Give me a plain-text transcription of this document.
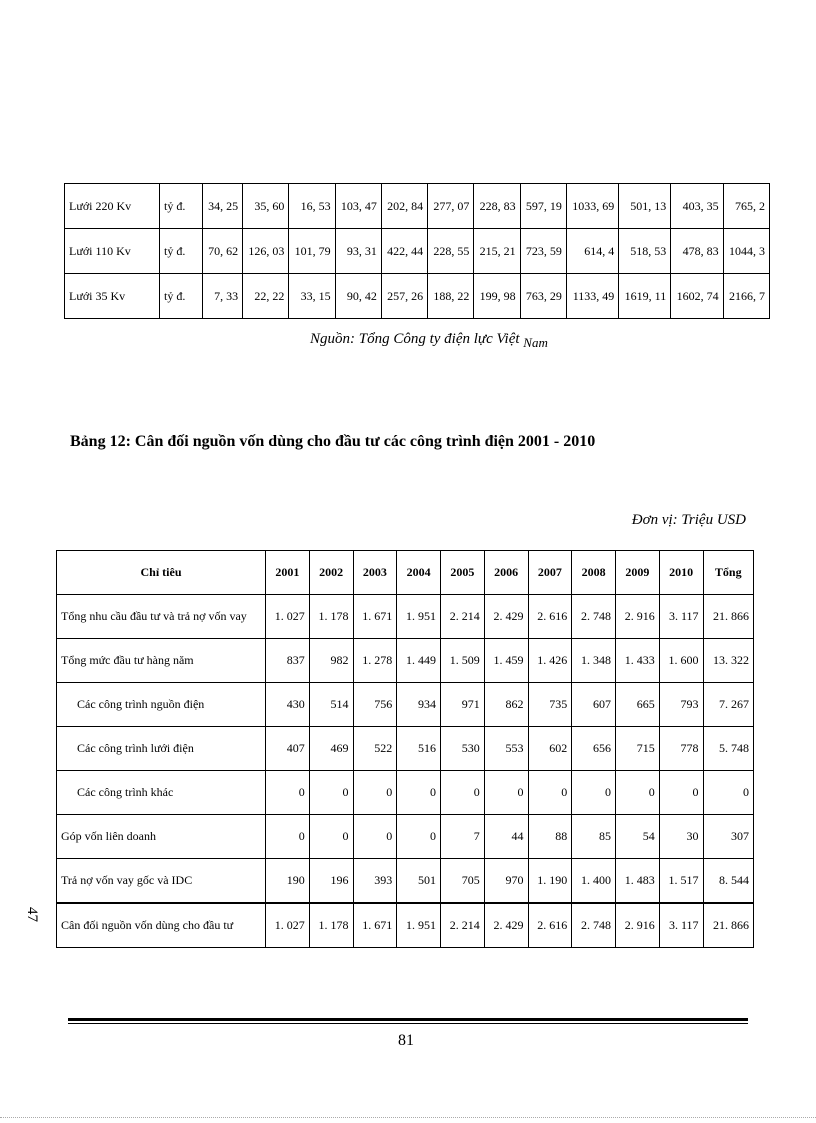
Lưới 220 Kv	tỷ đ.	34, 25	35, 60	16, 53	103, 47	202, 84	277, 07	228, 83	597, 19	1033, 69	501, 13	403, 35	765, 2
Lưới 110 Kv	tỷ đ.	70, 62	126, 03	101, 79	93, 31	422, 44	228, 55	215, 21	723, 59	614, 4	518, 53	478, 83	1044, 3
Lưới 35 Kv	tỷ đ.	7, 33	22, 22	33, 15	90, 42	257, 26	188, 22	199, 98	763, 29	1133, 49	1619, 11	1602, 74	2166, 7
Nguồn: Tổng Công ty điện lực Việt Nam
Bảng 12: Cân đối nguồn vốn dùng cho đầu tư các công trình điện 2001 - 2010
Đơn vị: Triệu USD
Chỉ tiêu	2001	2002	2003	2004	2005	2006	2007	2008	2009	2010	Tổng
Tổng nhu cầu đầu tư và trả nợ vốn vay	1. 027	1. 178	1. 671	1. 951	2. 214	2. 429	2. 616	2. 748	2. 916	3. 117	21. 866
Tổng mức đầu tư hàng năm	837	982	1. 278	1. 449	1. 509	1. 459	1. 426	1. 348	1. 433	1. 600	13. 322
Các công trình nguồn điện	430	514	756	934	971	862	735	607	665	793	7. 267
Các công trình lưới điện	407	469	522	516	530	553	602	656	715	778	5. 748
Các công trình khác	0	0	0	0	0	0	0	0	0	0	0
Góp vốn liên doanh	0	0	0	0	7	44	88	85	54	30	307
Trả nợ vốn vay gốc và IDC	190	196	393	501	705	970	1. 190	1. 400	1. 483	1. 517	8. 544
Cân đối nguồn vốn dùng cho đầu tư	1. 027	1. 178	1. 671	1. 951	2. 214	2. 429	2. 616	2. 748	2. 916	3. 117	21. 866
47
81
